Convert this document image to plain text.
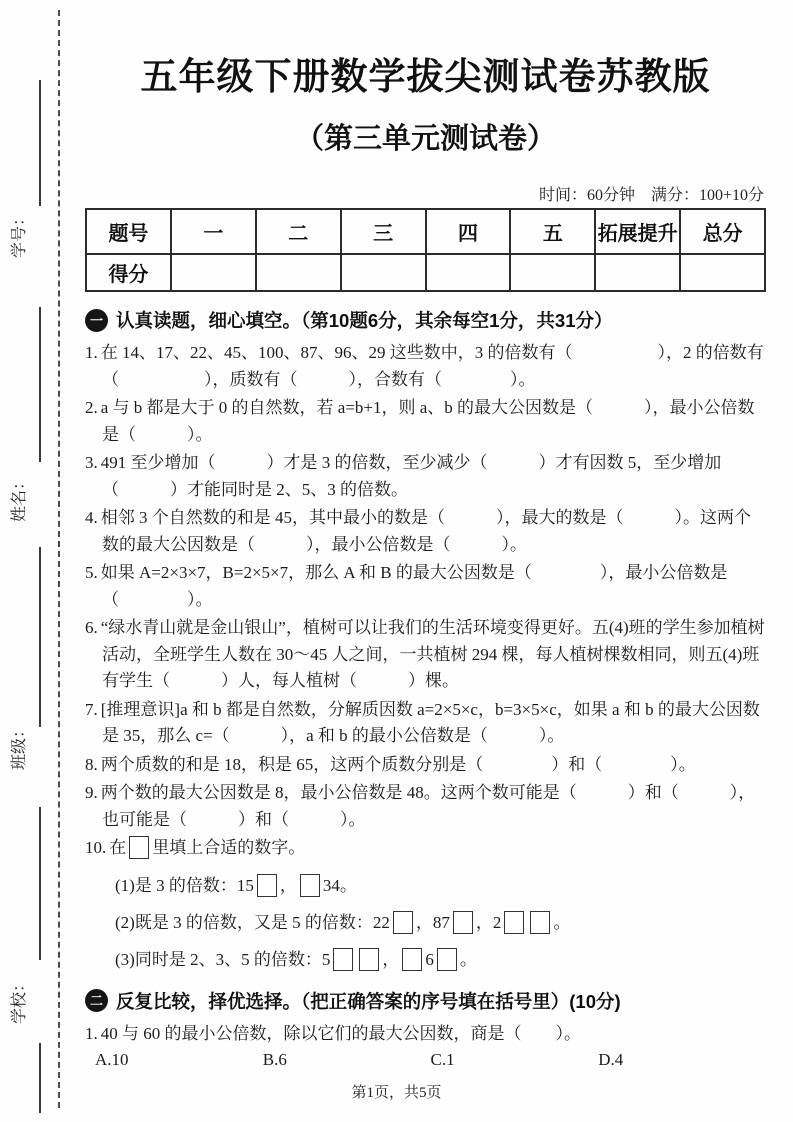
学号：
姓名：
班级：
学校：
五年级下册数学拔尖测试卷苏教版
（第三单元测试卷）
时间：60分钟　满分：100+10分
题号	一	二	三	四	五	拓展提升	总分
得分							
一 认真读题，细心填空。（第10题6分，其余每空1分，共31分）
1. 在 14、17、22、45、100、87、96、29 这些数中，3 的倍数有（　　　　　），2 的倍数有（　　　　　），质数有（　　　），合数有（　　　　）。
2. a 与 b 都是大于 0 的自然数，若 a=b+1，则 a、b 的最大公因数是（　　　），最小公倍数是（　　　）。
3. 491 至少增加（　　　）才是 3 的倍数，至少减少（　　　）才有因数 5，至少增加（　　　）才能同时是 2、5、3 的倍数。
4. 相邻 3 个自然数的和是 45，其中最小的数是（　　　），最大的数是（　　　）。这两个数的最大公因数是（　　　），最小公倍数是（　　　）。
5. 如果 A=2×3×7，B=2×5×7，那么 A 和 B 的最大公因数是（　　　　），最小公倍数是（　　　　）。
6. “绿水青山就是金山银山”，植树可以让我们的生活环境变得更好。五(4)班的学生参加植树活动，全班学生人数在 30～45 人之间，一共植树 294 棵，每人植树棵数相同，则五(4)班有学生（　　　）人，每人植树（　　　）棵。
7. [推理意识]a 和 b 都是自然数，分解质因数 a=2×5×c，b=3×5×c，如果 a 和 b 的最大公因数是 35，那么 c=（　　　），a 和 b 的最小公倍数是（　　　）。
8. 两个质数的和是 18，积是 65，这两个质数分别是（　　　　）和（　　　　）。
9. 两个数的最大公因数是 8，最小公倍数是 48。这两个数可能是（　　　）和（　　　），也可能是（　　　）和（　　　）。
10. 在 里填上合适的数字。
(1)是 3 的倍数：15 ， 34。
(2)既是 3 的倍数，又是 5 的倍数：22 ，87 ，2	。
(3)同时是 2、3、5 的倍数：5	， 6 。
二 反复比较，择优选择。（把正确答案的序号填在括号里）(10分)
1. 40 与 60 的最小公倍数，除以它们的最大公因数，商是（　　）。
A.10	B.6	C.1	D.4
第1页，共5页
